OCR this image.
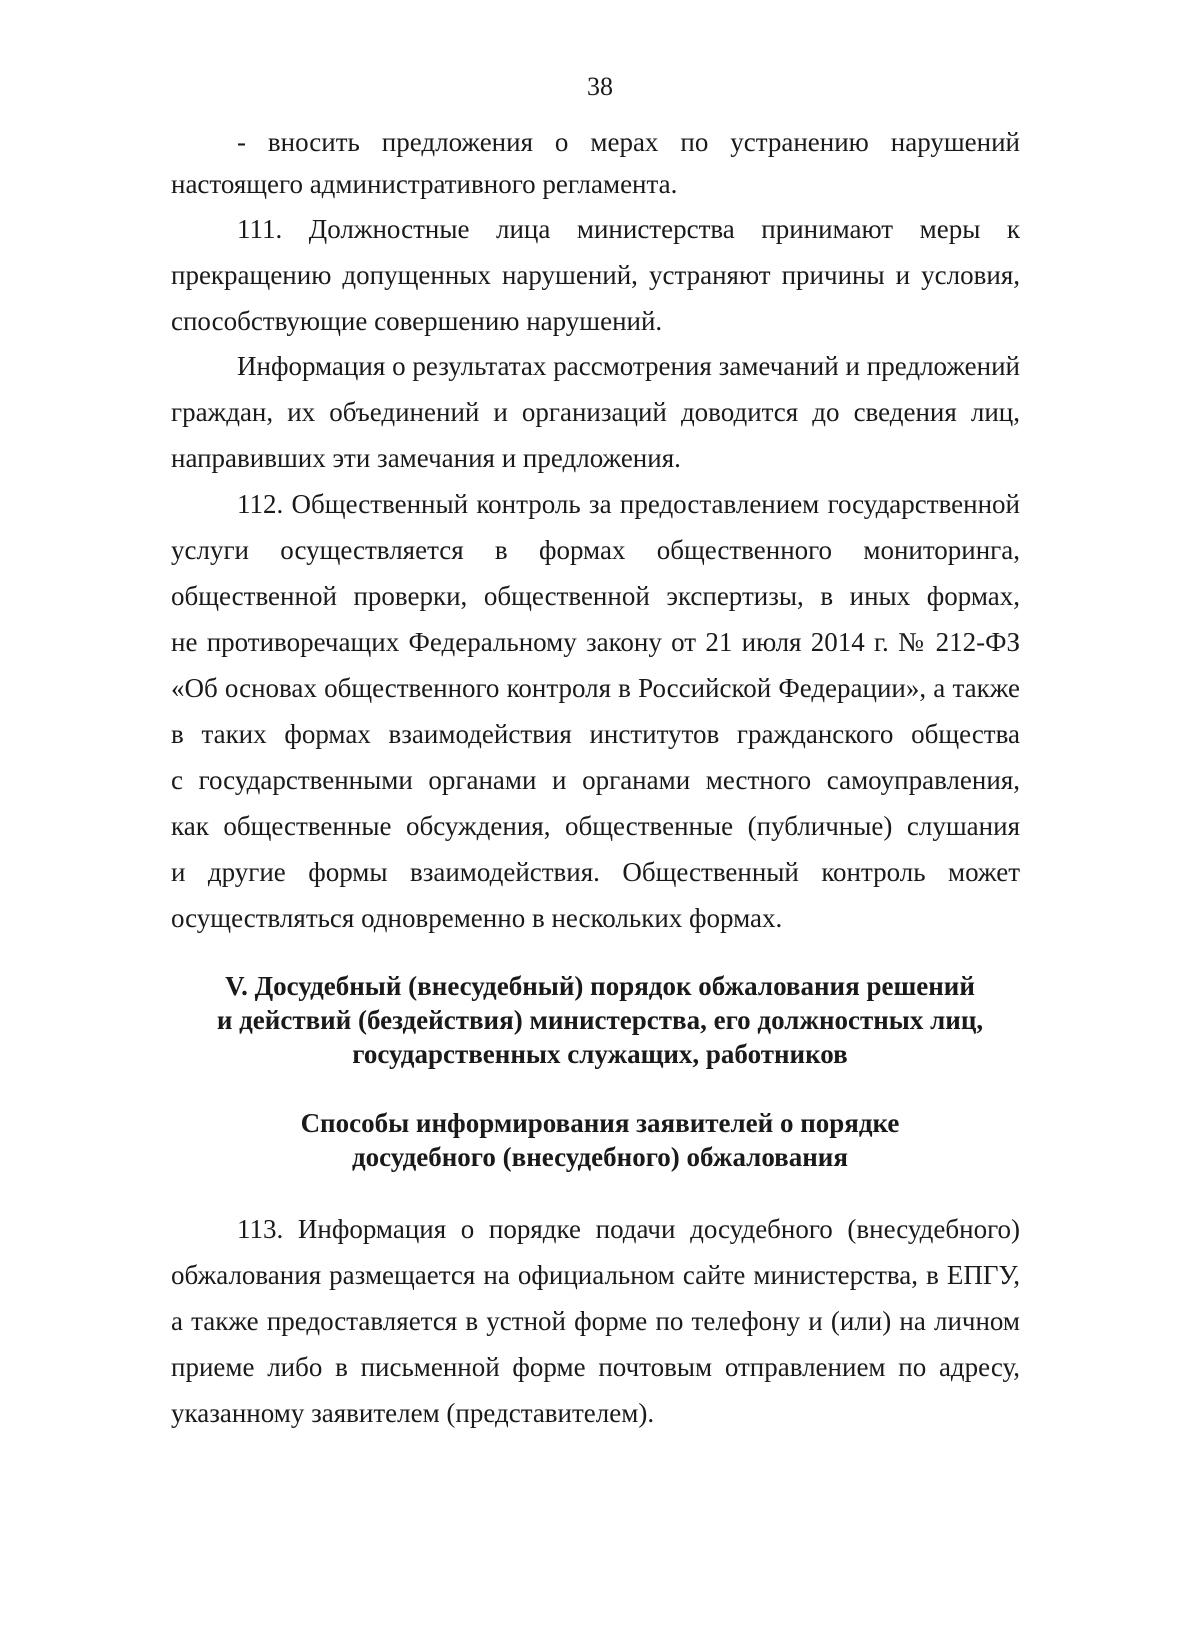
38
- вносить предложения о мерах по устранению нарушений
настоящего административного регламента.
111. Должностные лица министерства принимают меры к
прекращению допущенных нарушений, устраняют причины и условия,
способствующие совершению нарушений.
Информация о результатах рассмотрения замечаний и предложений
граждан, их объединений и организаций доводится до сведения лиц,
направивших эти замечания и предложения.
112. Общественный контроль за предоставлением государственной
услуги осуществляется в формах общественного мониторинга,
общественной проверки, общественной экспертизы, в иных формах,
не противоречащих Федеральному закону от 21 июля 2014 г. № 212-ФЗ
«Об основах общественного контроля в Российской Федерации», а также
в таких формах взаимодействия институтов гражданского общества
с государственными органами и органами местного самоуправления,
как общественные обсуждения, общественные (публичные) слушания
и другие формы взаимодействия. Общественный контроль может
осуществляться одновременно в нескольких формах.
V. Досудебный (внесудебный) порядок обжалования решений
и действий (бездействия) министерства, его должностных лиц,
государственных служащих, работников
Способы информирования заявителей о порядке
досудебного (внесудебного) обжалования
113. Информация о порядке подачи досудебного (внесудебного)
обжалования размещается на официальном сайте министерства, в ЕПГУ,
а также предоставляется в устной форме по телефону и (или) на личном
приеме либо в письменной форме почтовым отправлением по адресу,
указанному заявителем (представителем).
